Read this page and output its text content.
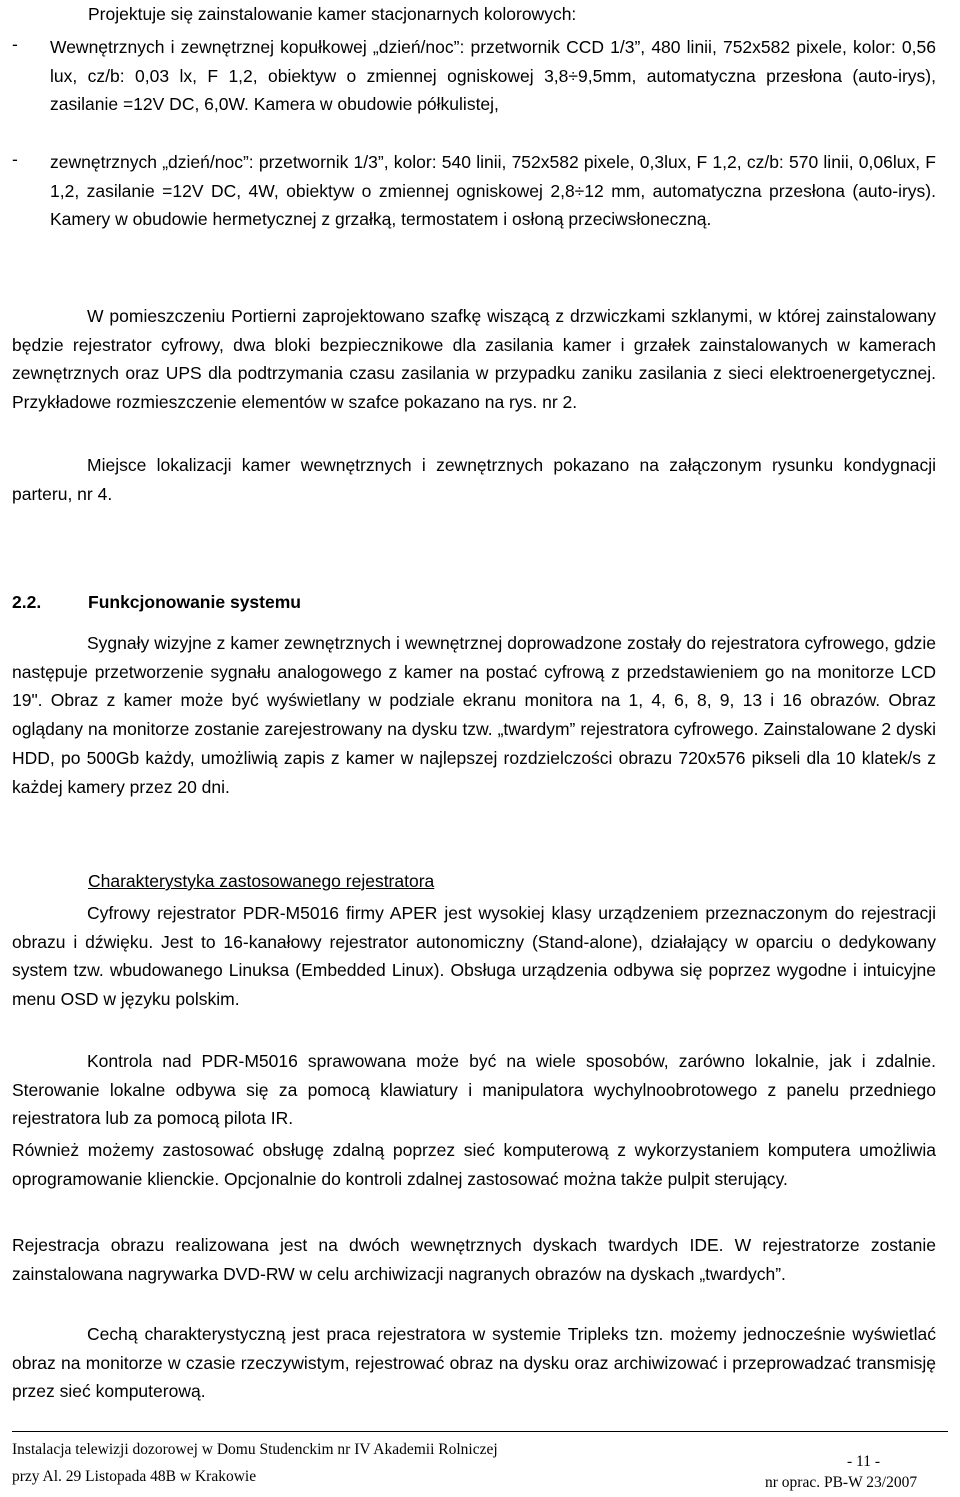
Projektuje się zainstalowanie kamer stacjonarnych kolorowych:

- Wewnętrznych i zewnętrznej kopułkowej „dzień/noc”: przetwornik CCD 1/3”, 480 linii, 752x582 pixele, kolor: 0,56 lux, cz/b: 0,03 lx, F 1,2, obiektyw o zmiennej ogniskowej 3,8÷9,5mm, automatyczna przesłona (auto-irys), zasilanie =12V DC, 6,0W. Kamera w obudowie półkulistej,

- zewnętrznych „dzień/noc”: przetwornik 1/3”, kolor: 540 linii, 752x582 pixele, 0,3lux, F 1,2, cz/b: 570 linii, 0,06lux, F 1,2, zasilanie =12V DC, 4W, obiektyw o zmiennej ogniskowej 2,8÷12 mm, automatyczna przesłona (auto-irys). Kamery w obudowie hermetycznej z grzałką, termostatem i osłoną przeciwsłoneczną.

W pomieszczeniu Portierni zaprojektowano szafkę wiszącą z drzwiczkami szklanymi, w której zainstalowany będzie rejestrator cyfrowy, dwa bloki bezpiecznikowe dla zasilania kamer i grzałek zainstalowanych w kamerach zewnętrznych oraz UPS dla podtrzymania czasu zasilania w przypadku zaniku zasilania z sieci elektroenergetycznej. Przykładowe rozmieszczenie elementów w szafce pokazano na rys. nr 2.

Miejsce lokalizacji kamer wewnętrznych i zewnętrznych pokazano na załączonym rysunku kondygnacji parteru, nr 4.

2.2.	Funkcjonowanie systemu

Sygnały wizyjne z kamer zewnętrznych i wewnętrznej doprowadzone zostały do rejestratora cyfrowego, gdzie następuje przetworzenie sygnału analogowego z kamer na postać cyfrową z przedstawieniem go na monitorze LCD 19". Obraz z kamer może być wyświetlany w podziale ekranu monitora na 1, 4, 6, 8, 9, 13 i 16 obrazów. Obraz oglądany na monitorze zostanie zarejestrowany na dysku tzw. „twardym” rejestratora cyfrowego. Zainstalowane 2 dyski HDD, po 500Gb każdy, umożliwią zapis z kamer w najlepszej rozdzielczości obrazu 720x576 pikseli dla 10 klatek/s z każdej kamery przez 20 dni.

Charakterystyka zastosowanego rejestratora

Cyfrowy rejestrator PDR-M5016 firmy APER jest wysokiej klasy urządzeniem przeznaczonym do rejestracji obrazu i dźwięku. Jest to 16-kanałowy rejestrator autonomiczny (Stand-alone), działający w oparciu o dedykowany system tzw. wbudowanego Linuksa (Embedded Linux). Obsługa urządzenia odbywa się poprzez wygodne i intuicyjne menu OSD w języku polskim.

Kontrola nad PDR-M5016 sprawowana może być na wiele sposobów, zarówno lokalnie, jak i zdalnie. Sterowanie lokalne odbywa się za pomocą klawiatury i manipulatora wychylnoobrotowego z panelu przedniego rejestratora lub za pomocą pilota IR.

Również możemy zastosować obsługę zdalną poprzez sieć komputerową z wykorzystaniem komputera umożliwia oprogramowanie klienckie. Opcjonalnie do kontroli zdalnej zastosować można także pulpit sterujący.

Rejestracja obrazu realizowana jest na dwóch wewnętrznych dyskach twardych IDE. W rejestratorze zostanie zainstalowana nagrywarka DVD-RW w celu archiwizacji nagranych obrazów na dyskach „twardych”.

Cechą charakterystyczną jest praca rejestratora w systemie Tripleks tzn. możemy jednocześnie wyświetlać obraz na monitorze w czasie rzeczywistym, rejestrować obraz na dysku oraz archiwizować i przeprowadzać transmisję przez sieć komputerową.

Instalacja telewizji dozorowej w Domu Studenckim nr IV Akademii Rolniczej
przy Al. 29 Listopada 48B w Krakowie
- 11 -
nr oprac. PB-W 23/2007
